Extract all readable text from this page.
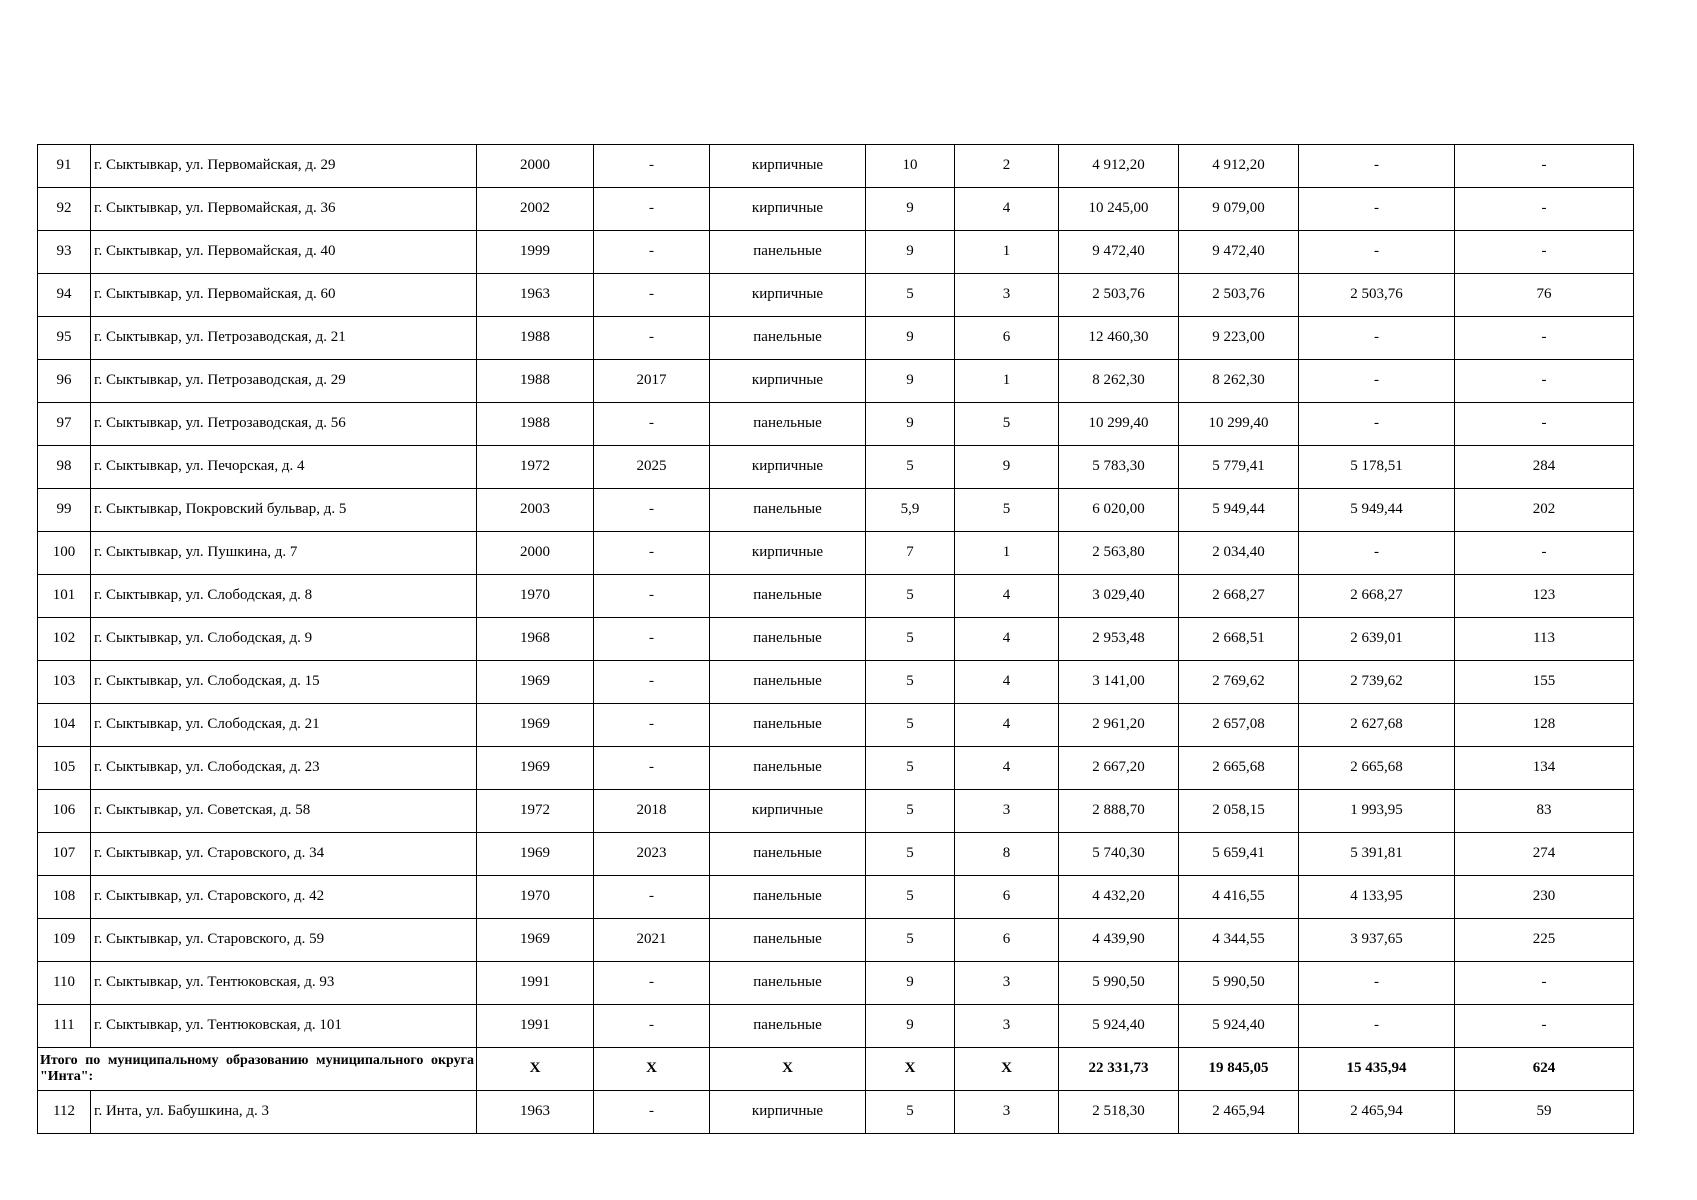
91	г. Сыктывкар, ул. Первомайская, д. 29	2000	-	кирпичные	10	2	4 912,20	4 912,20	-	-
92	г. Сыктывкар, ул. Первомайская, д. 36	2002	-	кирпичные	9	4	10 245,00	9 079,00	-	-
93	г. Сыктывкар, ул. Первомайская, д. 40	1999	-	панельные	9	1	9 472,40	9 472,40	-	-
94	г. Сыктывкар, ул. Первомайская, д. 60	1963	-	кирпичные	5	3	2 503,76	2 503,76	2 503,76	76
95	г. Сыктывкар, ул. Петрозаводская, д. 21	1988	-	панельные	9	6	12 460,30	9 223,00	-	-
96	г. Сыктывкар, ул. Петрозаводская, д. 29	1988	2017	кирпичные	9	1	8 262,30	8 262,30	-	-
97	г. Сыктывкар, ул. Петрозаводская, д. 56	1988	-	панельные	9	5	10 299,40	10 299,40	-	-
98	г. Сыктывкар, ул. Печорская, д. 4	1972	2025	кирпичные	5	9	5 783,30	5 779,41	5 178,51	284
99	г. Сыктывкар, Покровский бульвар, д. 5	2003	-	панельные	5,9	5	6 020,00	5 949,44	5 949,44	202
100	г. Сыктывкар, ул. Пушкина, д. 7	2000	-	кирпичные	7	1	2 563,80	2 034,40	-	-
101	г. Сыктывкар, ул. Слободская, д. 8	1970	-	панельные	5	4	3 029,40	2 668,27	2 668,27	123
102	г. Сыктывкар, ул. Слободская, д. 9	1968	-	панельные	5	4	2 953,48	2 668,51	2 639,01	113
103	г. Сыктывкар, ул. Слободская, д. 15	1969	-	панельные	5	4	3 141,00	2 769,62	2 739,62	155
104	г. Сыктывкар, ул. Слободская, д. 21	1969	-	панельные	5	4	2 961,20	2 657,08	2 627,68	128
105	г. Сыктывкар, ул. Слободская, д. 23	1969	-	панельные	5	4	2 667,20	2 665,68	2 665,68	134
106	г. Сыктывкар, ул. Советская, д. 58	1972	2018	кирпичные	5	3	2 888,70	2 058,15	1 993,95	83
107	г. Сыктывкар, ул. Старовского, д. 34	1969	2023	панельные	5	8	5 740,30	5 659,41	5 391,81	274
108	г. Сыктывкар, ул. Старовского, д. 42	1970	-	панельные	5	6	4 432,20	4 416,55	4 133,95	230
109	г. Сыктывкар, ул. Старовского, д. 59	1969	2021	панельные	5	6	4 439,90	4 344,55	3 937,65	225
110	г. Сыктывкар, ул. Тентюковская, д. 93	1991	-	панельные	9	3	5 990,50	5 990,50	-	-
111	г. Сыктывкар, ул. Тентюковская, д. 101	1991	-	панельные	9	3	5 924,40	5 924,40	-	-
Итого по муниципальному образованию муниципального округа "Инта":		X	X	X	X	X	22 331,73	19 845,05	15 435,94	624
112	г. Инта, ул. Бабушкина, д. 3	1963	-	кирпичные	5	3	2 518,30	2 465,94	2 465,94	59
